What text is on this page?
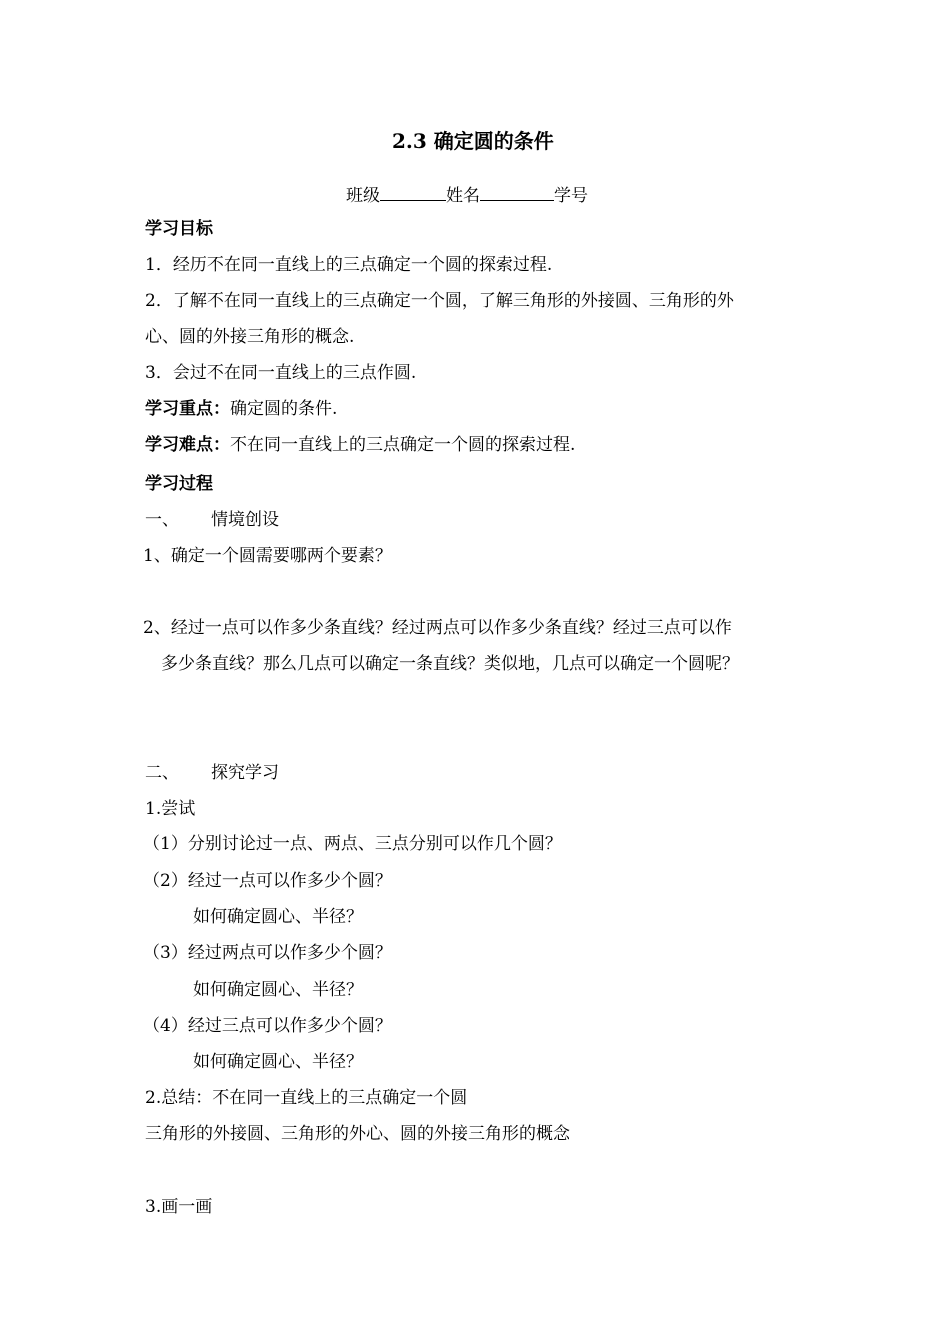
2.3 确定圆的条件
班级	姓名	学号
学习目标
1．经历不在同一直线上的三点确定一个圆的探索过程.
2．了解不在同一直线上的三点确定一个圆，了解三角形的外接圆、三角形的外
心、圆的外接三角形的概念.
3．会过不在同一直线上的三点作圆.
学习重点：确定圆的条件.
学习难点：不在同一直线上的三点确定一个圆的探索过程.
学习过程
一、 情境创设
1、确定一个圆需要哪两个要素？
2、经过一点可以作多少条直线？经过两点可以作多少条直线？经过三点可以作
多少条直线？那么几点可以确定一条直线？类似地，几点可以确定一个圆呢？
二、 探究学习
1.尝试
（1）分别讨论过一点、两点、三点分别可以作几个圆？
（2）经过一点可以作多少个圆？
如何确定圆心、半径？
（3）经过两点可以作多少个圆？
如何确定圆心、半径？
（4）经过三点可以作多少个圆？
如何确定圆心、半径？
2.总结：不在同一直线上的三点确定一个圆
三角形的外接圆、三角形的外心、圆的外接三角形的概念
3.画一画
